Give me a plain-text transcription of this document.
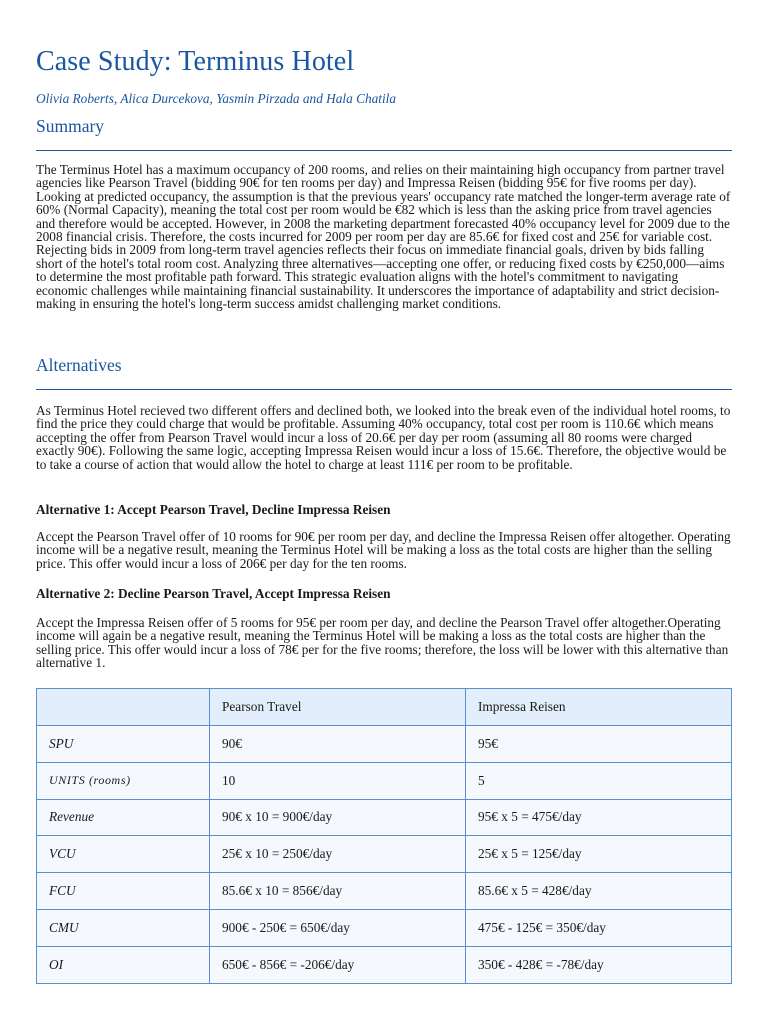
Case Study: Terminus Hotel

Olivia Roberts, Alica Durcekova, Yasmin Pirzada and Hala Chatila

Summary

The Terminus Hotel has a maximum occupancy of 200 rooms, and relies on their maintaining high occupancy from partner travel agencies like Pearson Travel (bidding 90€ for ten rooms per day) and Impressa Reisen (bidding 95€ for five rooms per day). Looking at predicted occupancy, the assumption is that the previous years' occupancy rate matched the longer-term average rate of 60% (Normal Capacity), meaning the total cost per room would be €82 which is less than the asking price from travel agencies and therefore would be accepted. However, in 2008 the marketing department forecasted 40% occupancy level for 2009 due to the 2008 financial crisis. Therefore, the costs incurred for 2009 per room per day are 85.6€ for fixed cost and 25€ for variable cost. Rejecting bids in 2009 from long-term travel agencies reflects their focus on immediate financial goals, driven by bids falling short of the hotel's total room cost. Analyzing three alternatives—accepting one offer, or reducing fixed costs by €250,000—aims to determine the most profitable path forward. This strategic evaluation aligns with the hotel's commitment to navigating economic challenges while maintaining financial sustainability. It underscores the importance of adaptability and strict decision-making in ensuring the hotel's long-term success amidst challenging market conditions.

Alternatives

As Terminus Hotel recieved two different offers and declined both, we looked into the break even of the individual hotel rooms, to find the price they could charge that would be profitable. Assuming 40% occupancy, total cost per room is 110.6€ which means accepting the offer from Pearson Travel would incur a loss of 20.6€ per day per room (assuming all 80 rooms were charged exactly 90€). Following the same logic, accepting Impressa Reisen would incur a loss of 15.6€. Therefore, the objective would be to take a course of action that would allow the hotel to charge at least 111€ per room to be profitable.

Alternative 1: Accept Pearson Travel, Decline Impressa Reisen

Accept the Pearson Travel offer of 10 rooms for 90€ per room per day, and decline the Impressa Reisen offer altogether. Operating income will be a negative result, meaning the Terminus Hotel will be making a loss as the total costs are higher than the selling price. This offer would incur a loss of 206€ per day for the ten rooms.

Alternative 2: Decline Pearson Travel, Accept Impressa Reisen

Accept the Impressa Reisen offer of 5 rooms for 95€ per room per day, and decline the Pearson Travel offer altogether.Operating income will again be a negative result, meaning the Terminus Hotel will be making a loss as the total costs are higher than the selling price. This offer would incur a loss of 78€ per for the five rooms; therefore, the loss will be lower with this alternative than alternative 1.

	Pearson Travel	Impressa Reisen
SPU	90€	95€
UNITS (rooms)	10	5
Revenue	90€ x 10 = 900€/day	95€ x 5 = 475€/day
VCU	25€ x 10 = 250€/day	25€ x 5 = 125€/day
FCU	85.6€ x 10 = 856€/day	85.6€ x 5 = 428€/day
CMU	900€ - 250€ = 650€/day	475€ - 125€ = 350€/day
OI	650€ - 856€ = -206€/day	350€ - 428€ = -78€/day
